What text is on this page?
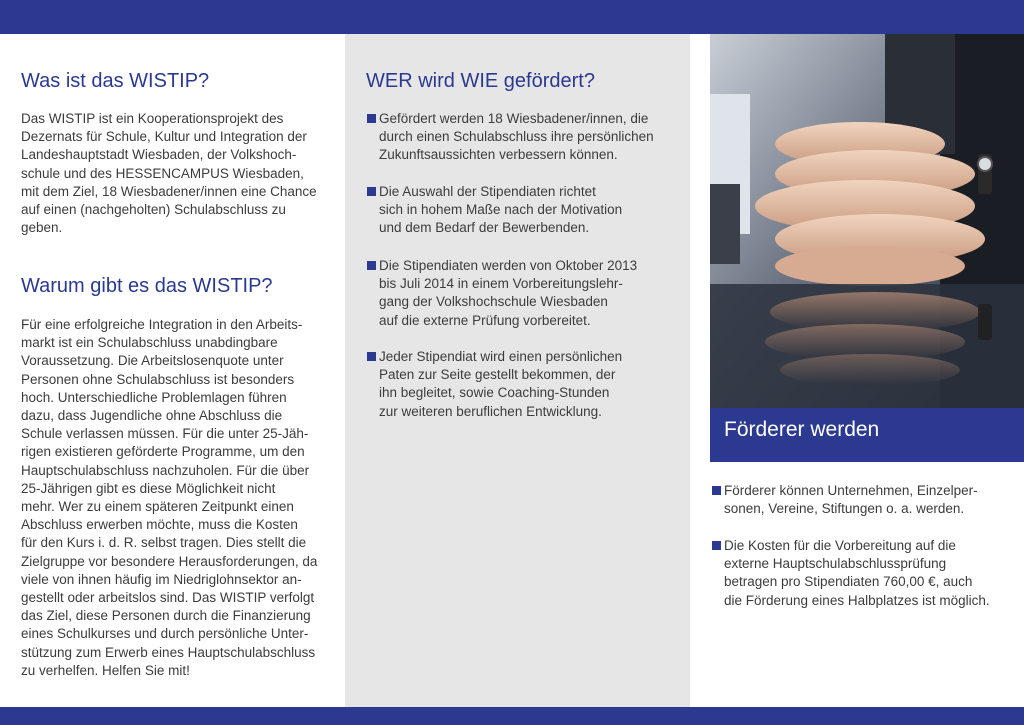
Was ist das WISTIP?
Das WISTIP ist ein Kooperationsprojekt des
Dezernats für Schule, Kultur und Integration der
Landeshauptstadt Wiesbaden, der Volkshoch-
schule und des HESSENCAMPUS Wiesbaden,
mit dem Ziel, 18 Wiesbadener/innen eine Chance
auf einen (nachgeholten) Schulabschluss zu
geben.
Warum gibt es das WISTIP?
Für eine erfolgreiche Integration in den Arbeits-
markt ist ein Schulabschluss unabdingbare
Voraussetzung. Die Arbeitslosenquote unter
Personen ohne Schulabschluss ist besonders
hoch. Unterschiedliche Problemlagen führen
dazu, dass Jugendliche ohne Abschluss die
Schule verlassen müssen. Für die unter 25-Jäh-
rigen existieren geförderte Programme, um den
Hauptschulabschluss nachzuholen. Für die über
25-Jährigen gibt es diese Möglichkeit nicht
mehr. Wer zu einem späteren Zeitpunkt einen
Abschluss erwerben möchte, muss die Kosten
für den Kurs i. d. R. selbst tragen. Dies stellt die
Zielgruppe vor besondere Herausforderungen, da
viele von ihnen häufig im Niedriglohnsektor an-
gestellt oder arbeitslos sind. Das WISTIP verfolgt
das Ziel, diese Personen durch die Finanzierung
eines Schulkurses und durch persönliche Unter-
stützung zum Erwerb eines Hauptschulabschluss
zu verhelfen. Helfen Sie mit!
WER wird WIE gefördert?
Gefördert werden 18 Wiesbadener/innen, die
durch einen Schulabschluss ihre persönlichen
Zukunftsaussichten verbessern können.
Die Auswahl der Stipendiaten richtet
sich in hohem Maße nach der Motivation
und dem Bedarf der Bewerbenden.
Die Stipendiaten werden von Oktober 2013
bis Juli 2014 in einem Vorbereitungslehr-
gang der Volkshochschule Wiesbaden
auf die externe Prüfung vorbereitet.
Jeder Stipendiat wird einen persönlichen
Paten zur Seite gestellt bekommen, der
ihn begleitet, sowie Coaching-Stunden
zur weiteren beruflichen Entwicklung.
Förderer werden
Förderer können Unternehmen, Einzelper-
sonen, Vereine, Stiftungen o. a. werden.
Die Kosten für die Vorbereitung auf die
externe Hauptschulabschlussprüfung
betragen pro Stipendiaten 760,00 €, auch
die Förderung eines Halbplatzes ist möglich.
